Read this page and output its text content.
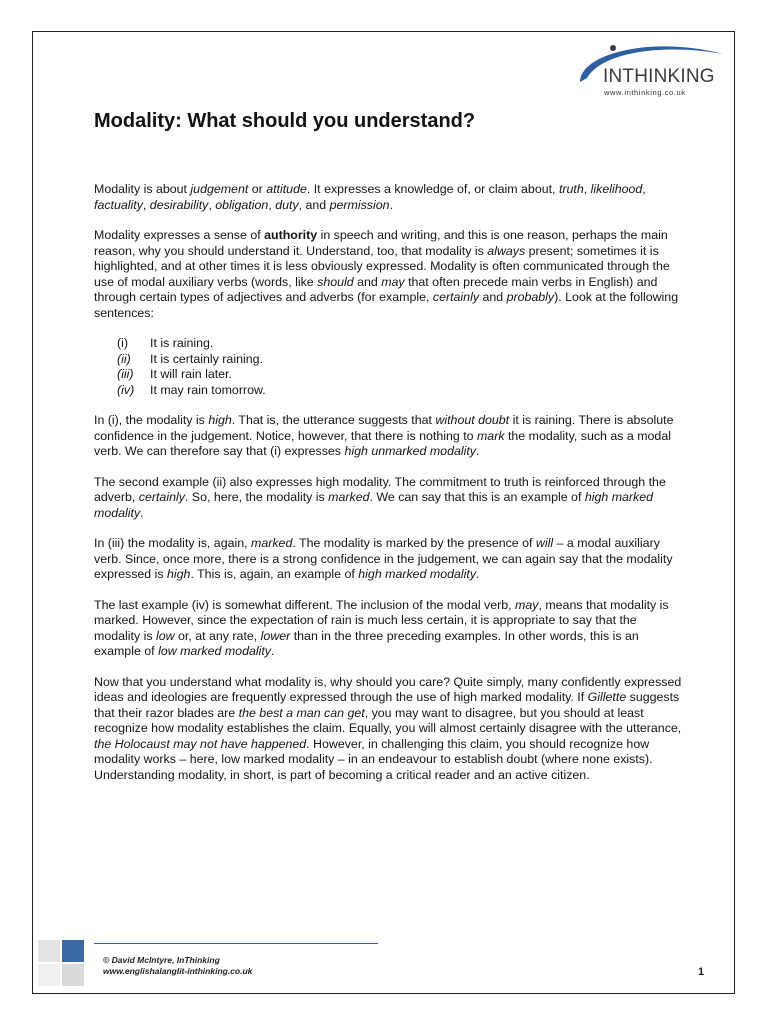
INTHINKING
www.inthinking.co.uk
Modality: What should you understand?

Modality is about judgement or attitude. It expresses a knowledge of, or claim about, truth, likelihood, factuality, desirability, obligation, duty, and permission.

Modality expresses a sense of authority in speech and writing, and this is one reason, perhaps the main reason, why you should understand it. Understand, too, that modality is always present; sometimes it is highlighted, and at other times it is less obviously expressed. Modality is often communicated through the use of modal auxiliary verbs (words, like should and may that often precede main verbs in English) and through certain types of adjectives and adverbs (for example, certainly and probably). Look at the following sentences:

(i)	It is raining.
(ii)	It is certainly raining.
(iii)	It will rain later.
(iv)	It may rain tomorrow.

In (i), the modality is high. That is, the utterance suggests that without doubt it is raining. There is absolute confidence in the judgement. Notice, however, that there is nothing to mark the modality, such as a modal verb. We can therefore say that (i) expresses high unmarked modality.

The second example (ii) also expresses high modality. The commitment to truth is reinforced through the adverb, certainly. So, here, the modality is marked. We can say that this is an example of high marked modality.

In (iii) the modality is, again, marked. The modality is marked by the presence of will – a modal auxiliary verb. Since, once more, there is a strong confidence in the judgement, we can again say that the modality expressed is high. This is, again, an example of high marked modality.

The last example (iv) is somewhat different. The inclusion of the modal verb, may, means that modality is marked. However, since the expectation of rain is much less certain, it is appropriate to say that the modality is low or, at any rate, lower than in the three preceding examples. In other words, this is an example of low marked modality.

Now that you understand what modality is, why should you care? Quite simply, many confidently expressed ideas and ideologies are frequently expressed through the use of high marked modality. If Gillette suggests that their razor blades are the best a man can get, you may want to disagree, but you should at least recognize how modality establishes the claim. Equally, you will almost certainly disagree with the utterance, the Holocaust may not have happened. However, in challenging this claim, you should recognize how modality works – here, low marked modality – in an endeavour to establish doubt (where none exists). Understanding modality, in short, is part of becoming a critical reader and an active citizen.

© David McIntyre, InThinking
www.englishalanglit-inthinking.co.uk	1
